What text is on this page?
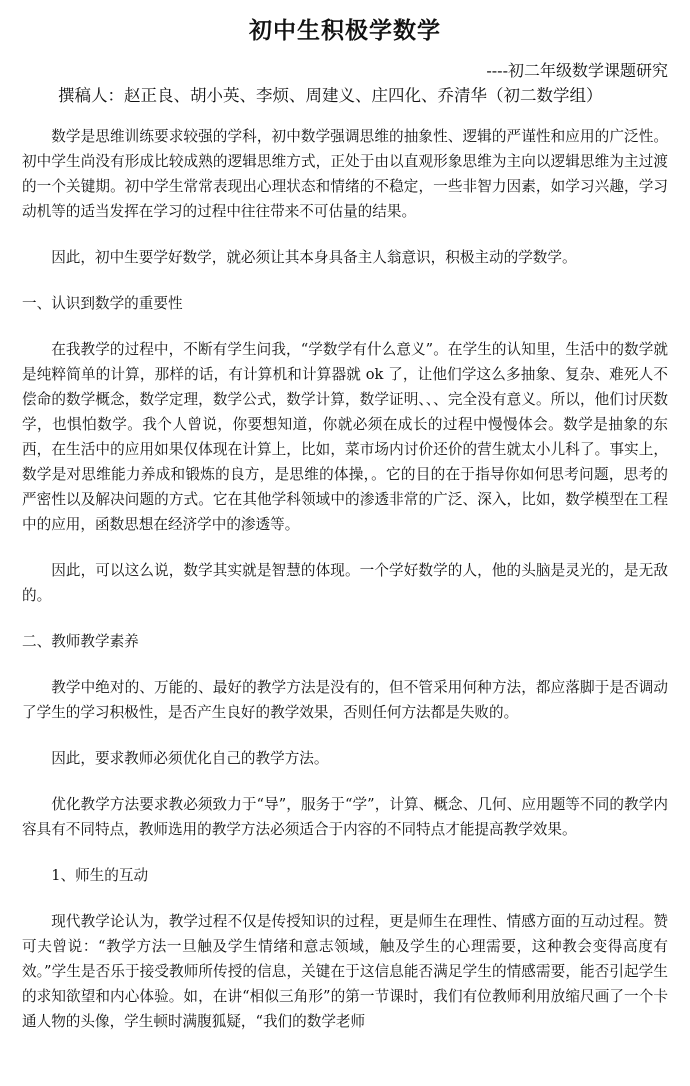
初中生积极学数学
----初二年级数学课题研究
撰稿人：赵正良、胡小英、李烦、周建义、庄四化、乔清华（初二数学组）

数学是思维训练要求较强的学科，初中数学强调思维的抽象性、逻辑的严谨性和应用的广泛性。初中学生尚没有形成比较成熟的逻辑思维方式，正处于由以直观形象思维为主向以逻辑思维为主过渡的一个关键期。初中学生常常表现出心理状态和情绪的不稳定，一些非智力因素，如学习兴趣，学习动机等的适当发挥在学习的过程中往往带来不可估量的结果。

因此，初中生要学好数学，就必须让其本身具备主人翁意识，积极主动的学数学。

一、认识到数学的重要性

在我教学的过程中，不断有学生问我，“学数学有什么意义”。在学生的认知里，生活中的数学就是纯粹简单的计算，那样的话，有计算机和计算器就 ok 了，让他们学这么多抽象、复杂、难死人不偿命的数学概念，数学定理，数学公式，数学计算，数学证明、、、完全没有意义。所以，他们讨厌数学，也惧怕数学。我个人曾说，你要想知道，你就必须在成长的过程中慢慢体会。数学是抽象的东西，在生活中的应用如果仅体现在计算上，比如，菜市场内讨价还价的营生就太小儿科了。事实上，数学是对思维能力养成和锻炼的良方，是思维的体操，。它的目的在于指导你如何思考问题，思考的严密性以及解决问题的方式。它在其他学科领域中的渗透非常的广泛、深入，比如，数学模型在工程中的应用，函数思想在经济学中的渗透等。

因此，可以这么说，数学其实就是智慧的体现。一个学好数学的人，他的头脑是灵光的，是无敌的。

二、教师教学素养

教学中绝对的、万能的、最好的教学方法是没有的，但不管采用何种方法，都应落脚于是否调动了学生的学习积极性，是否产生良好的教学效果，否则任何方法都是失败的。

因此，要求教师必须优化自己的教学方法。

优化教学方法要求教必须致力于“导”，服务于“学”，计算、概念、几何、应用题等不同的教学内容具有不同特点，教师选用的教学方法必须适合于内容的不同特点才能提高教学效果。

1、师生的互动

现代教学论认为，教学过程不仅是传授知识的过程，更是师生在理性、情感方面的互动过程。赞可夫曾说：“教学方法一旦触及学生情绪和意志领域，触及学生的心理需要，这种教会变得高度有效。”学生是否乐于接受教师所传授的信息，关键在于这信息能否满足学生的情感需要，能否引起学生的求知欲望和内心体验。如，在讲“相似三角形”的第一节课时，我们有位教师利用放缩尺画了一个卡通人物的头像，学生顿时满腹狐疑，“我们的数学老师
